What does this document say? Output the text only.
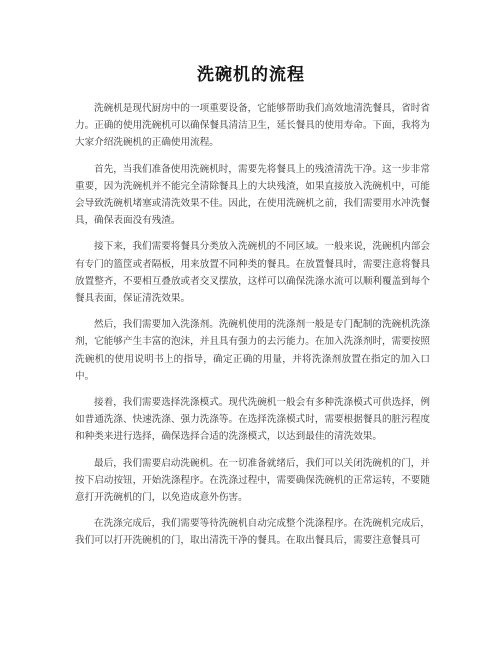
洗碗机的流程

洗碗机是现代厨房中的一项重要设备，它能够帮助我们高效地清洗餐具，省时省力。正确的使用洗碗机可以确保餐具清洁卫生，延长餐具的使用寿命。下面，我将为大家介绍洗碗机的正确使用流程。

首先，当我们准备使用洗碗机时，需要先将餐具上的残渣清洗干净。这一步非常重要，因为洗碗机并不能完全清除餐具上的大块残渣，如果直接放入洗碗机中，可能会导致洗碗机堵塞或清洗效果不佳。因此，在使用洗碗机之前，我们需要用水冲洗餐具，确保表面没有残渣。

接下来，我们需要将餐具分类放入洗碗机的不同区域。一般来说，洗碗机内部会有专门的篮筐或者隔板，用来放置不同种类的餐具。在放置餐具时，需要注意将餐具放置整齐，不要相互叠放或者交叉摆放，这样可以确保洗涤水流可以顺利覆盖到每个餐具表面，保证清洗效果。

然后，我们需要加入洗涤剂。洗碗机使用的洗涤剂一般是专门配制的洗碗机洗涤剂，它能够产生丰富的泡沫，并且具有强力的去污能力。在加入洗涤剂时，需要按照洗碗机的使用说明书上的指导，确定正确的用量，并将洗涤剂放置在指定的加入口中。

接着，我们需要选择洗涤模式。现代洗碗机一般会有多种洗涤模式可供选择，例如普通洗涤、快速洗涤、强力洗涤等。在选择洗涤模式时，需要根据餐具的脏污程度和种类来进行选择，确保选择合适的洗涤模式，以达到最佳的清洗效果。

最后，我们需要启动洗碗机。在一切准备就绪后，我们可以关闭洗碗机的门，并按下启动按钮，开始洗涤程序。在洗涤过程中，需要确保洗碗机的正常运转，不要随意打开洗碗机的门，以免造成意外伤害。

在洗涤完成后，我们需要等待洗碗机自动完成整个洗涤程序。在洗碗机完成后，我们可以打开洗碗机的门，取出清洗干净的餐具。在取出餐具后，需要注意餐具可
